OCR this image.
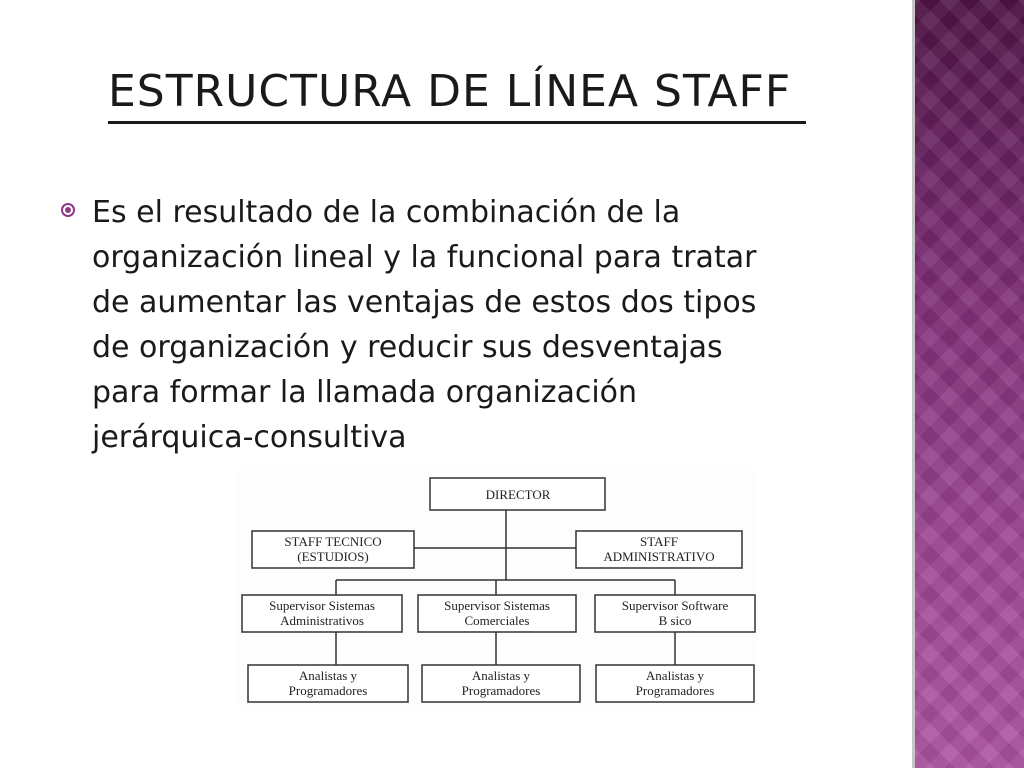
ESTRUCTURA DE LÍNEA STAFF

Es el resultado de la combinación de la
organización lineal y la funcional para tratar
de aumentar las ventajas de estos dos tipos
de organización y reducir sus desventajas
para formar la llamada organización
jerárquica-consultiva

DIRECTOR
STAFF TECNICO
(ESTUDIOS)
STAFF
ADMINISTRATIVO
Supervisor Sistemas
Administrativos
Supervisor Sistemas
Comerciales
Supervisor Software
B sico
Analistas y
Programadores
Analistas y
Programadores
Analistas y
Programadores
